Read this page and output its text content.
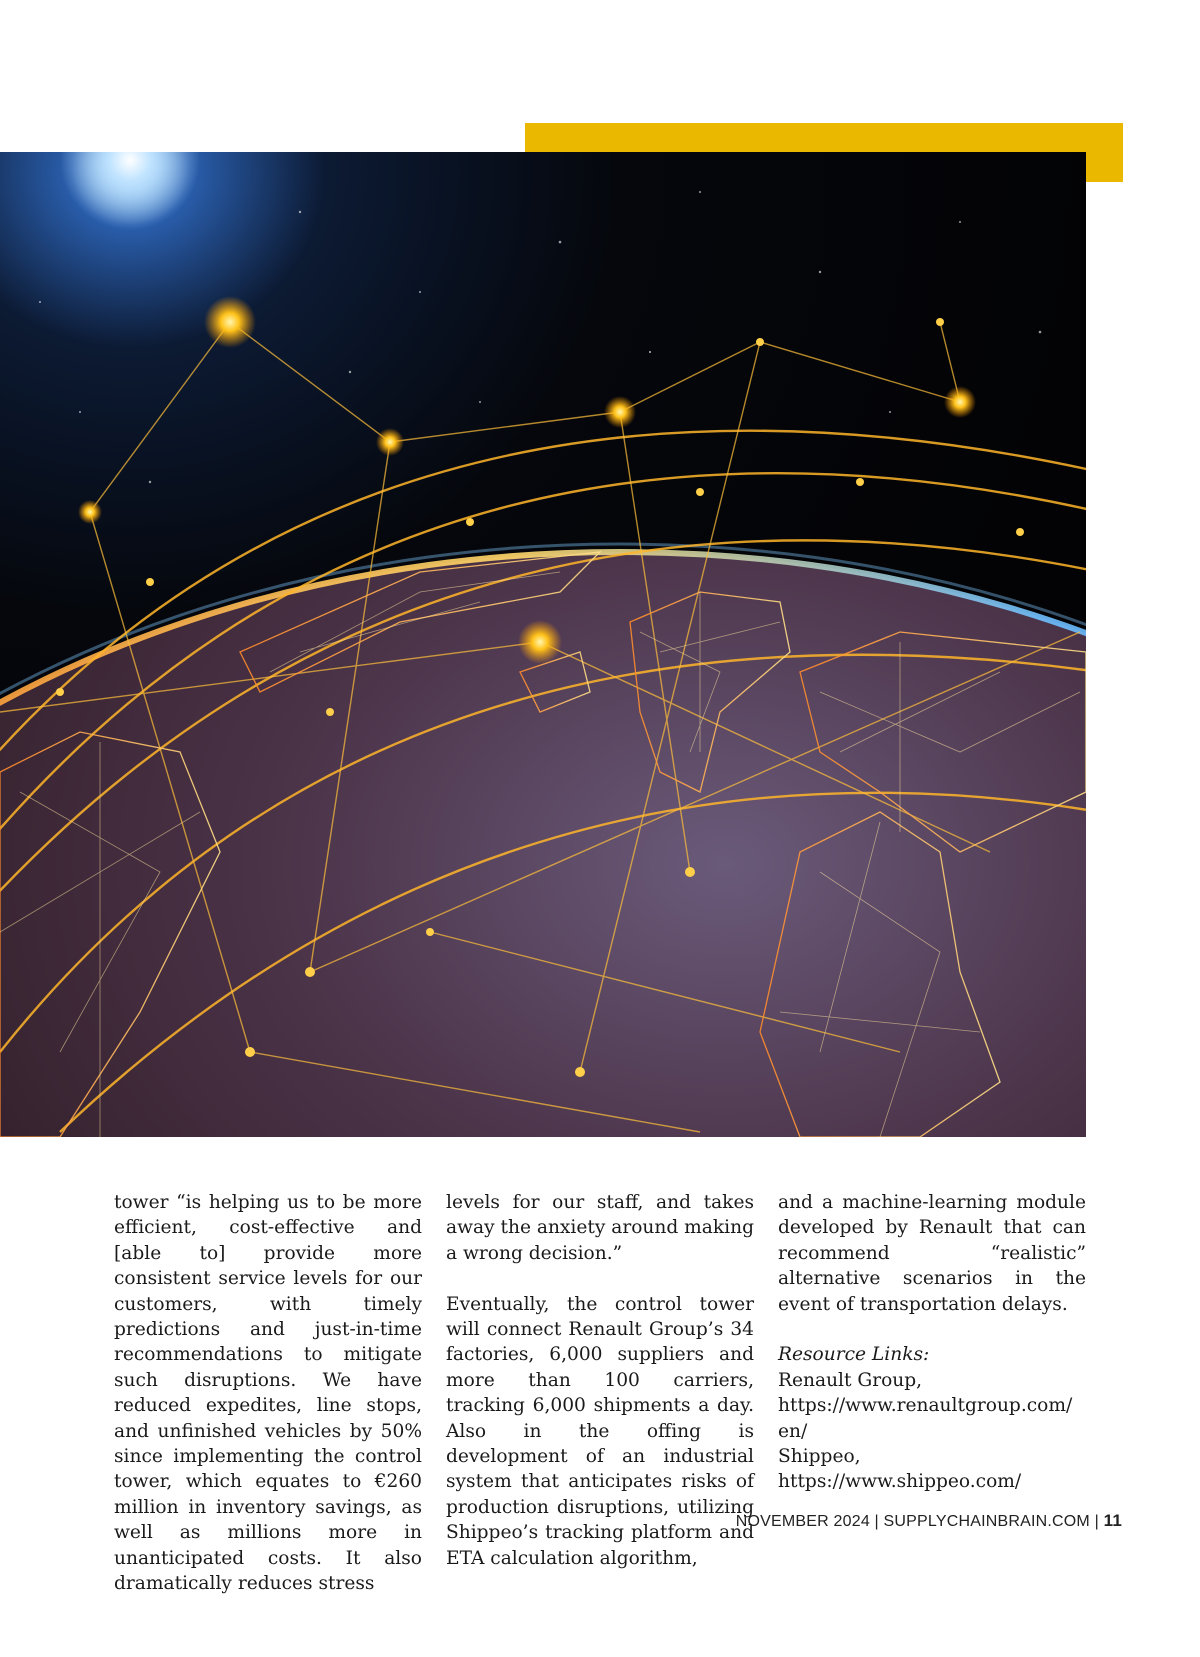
tower “is helping us to be more efficient, cost-effective and [able to] provide more consistent service levels for our customers, with timely predictions and just-in-time recommendations to mitigate such disruptions. We have reduced expedites, line stops, and unfinished vehicles by 50% since implementing the control tower, which equates to €260 million in inventory savings, as well as millions more in unanticipated costs. It also dramatically reduces stress

levels for our staff, and takes away the anxiety around making a wrong decision.”

Eventually, the control tower will connect Renault Group’s 34 factories, 6,000 suppliers and more than 100 carriers, tracking 6,000 shipments a day. Also in the offing is development of an industrial system that anticipates risks of production disruptions, utilizing Shippeo’s tracking platform and ETA calculation algorithm,

and a machine-learning module developed by Renault that can recommend “realistic” alternative scenarios in the event of transportation delays.

Resource Links:
Renault Group,
https://www.renaultgroup.com/
en/
Shippeo,
https://www.shippeo.com/
NOVEMBER 2024 | SUPPLYCHAINBRAIN.COM | 11
